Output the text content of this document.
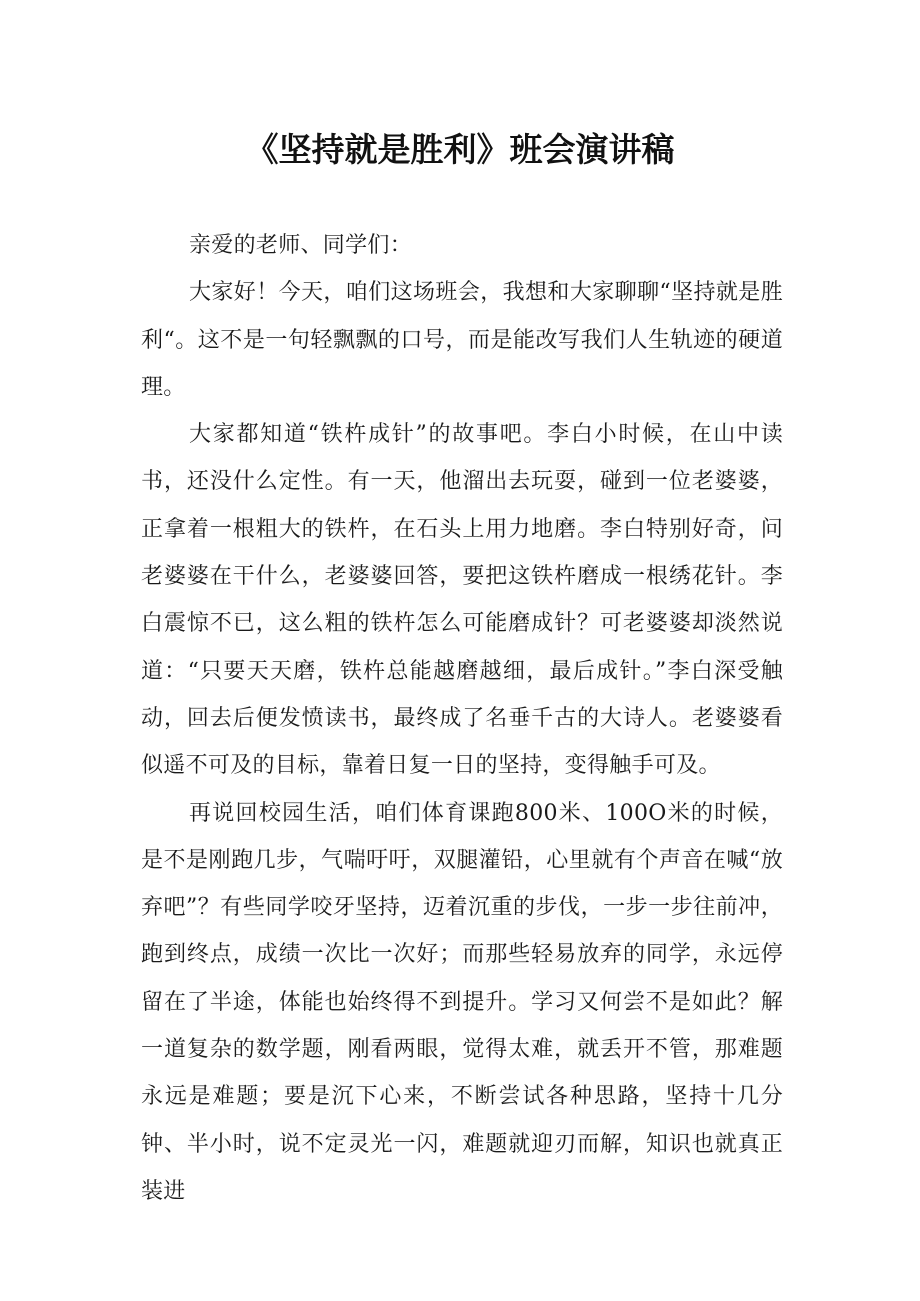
《坚持就是胜利》班会演讲稿

亲爱的老师、同学们：

大家好！今天，咱们这场班会，我想和大家聊聊“坚持就是胜利“。这不是一句轻飘飘的口号，而是能改写我们人生轨迹的硬道理。

大家都知道“铁杵成针”的故事吧。李白小时候，在山中读书，还没什么定性。有一天，他溜出去玩耍，碰到一位老婆婆，正拿着一根粗大的铁杵，在石头上用力地磨。李白特别好奇，问老婆婆在干什么，老婆婆回答，要把这铁杵磨成一根绣花针。李白震惊不已，这么粗的铁杵怎么可能磨成针？可老婆婆却淡然说道：“只要天天磨，铁杵总能越磨越细，最后成针。”李白深受触动，回去后便发愤读书，最终成了名垂千古的大诗人。老婆婆看似遥不可及的目标，靠着日复一日的坚持，变得触手可及。

再说回校园生活，咱们体育课跑800米、100O米的时候，是不是刚跑几步，气喘吁吁，双腿灌铅，心里就有个声音在喊“放弃吧”？有些同学咬牙坚持，迈着沉重的步伐，一步一步往前冲，跑到终点，成绩一次比一次好；而那些轻易放弃的同学，永远停留在了半途，体能也始终得不到提升。学习又何尝不是如此？解一道复杂的数学题，刚看两眼，觉得太难，就丢开不管，那难题永远是难题；要是沉下心来，不断尝试各种思路，坚持十几分钟、半小时，说不定灵光一闪，难题就迎刃而解，知识也就真正装进
